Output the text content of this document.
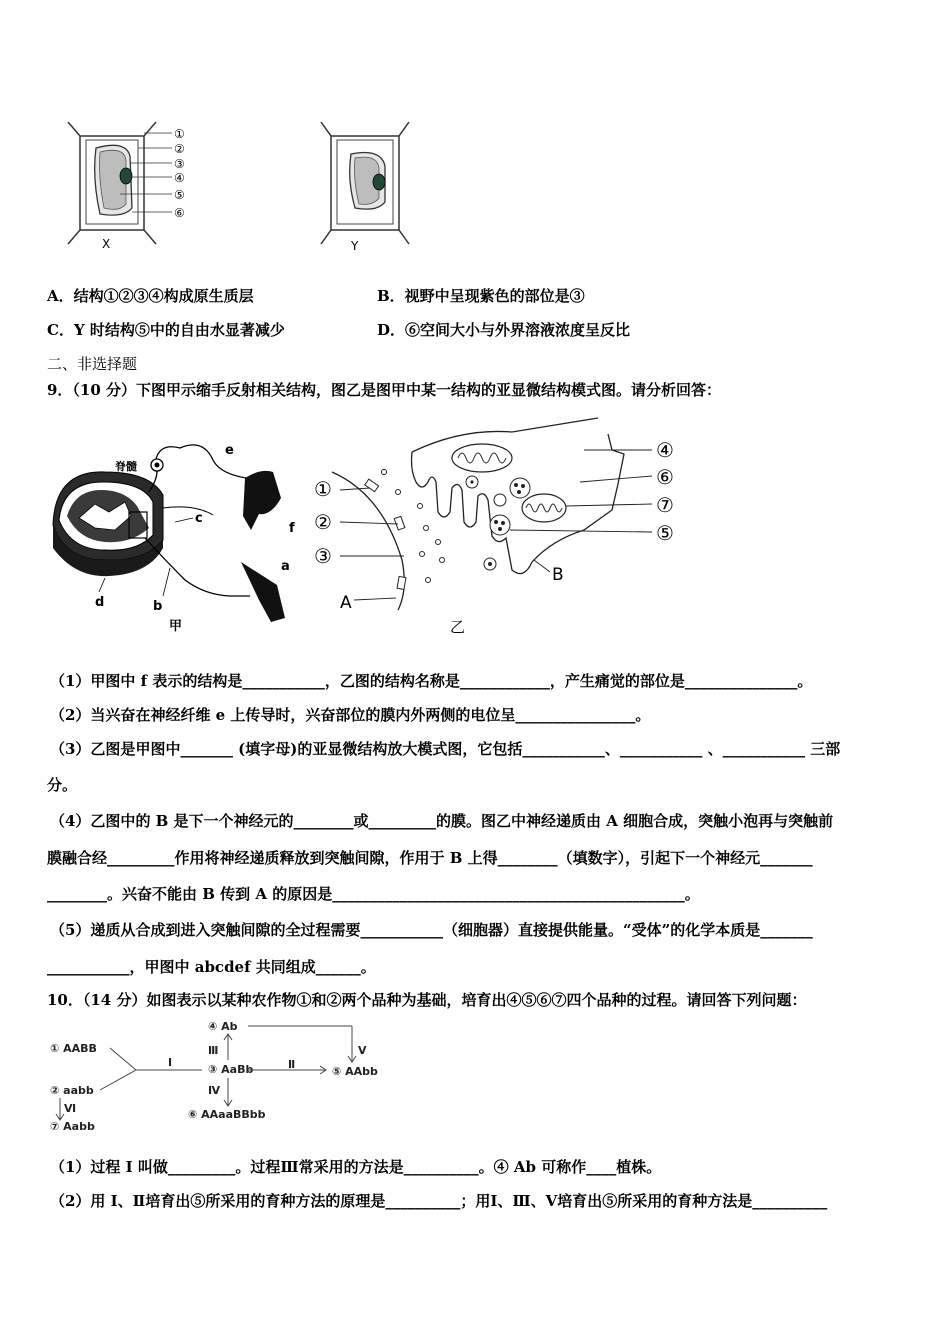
①
②
③
④
⑤
⑥
X	Y
A．结构①②③④构成原生质层	B．视野中呈现紫色的部位是③
C．Y 时结构⑤中的自由水显著减少	D．⑥空间大小与外界溶液浓度呈反比
二、非选择题
9．（10 分）下图甲示缩手反射相关结构，图乙是图甲中某一结构的亚显微结构模式图。请分析回答：
脊髓
e
c
f
a
d	b
甲
①
②
③
A
④
⑥
⑦
⑤
B
乙
（1）甲图中 f 表示的结构是___________，乙图的结构名称是____________，产生痛觉的部位是_______________。
（2）当兴奋在神经纤维 e 上传导时，兴奋部位的膜内外两侧的电位呈________________。
（3）乙图是甲图中_______ (填字母)的亚显微结构放大模式图，它包括___________、___________ 、___________ 三部
分。
（4）乙图中的 B 是下一个神经元的________或_________的膜。图乙中神经递质由 A 细胞合成，突触小泡再与突触前
膜融合经_________作用将神经递质释放到突触间隙，作用于 B 上得________（填数字），引起下一个神经元_______
________。兴奋不能由 B 传到 A 的原因是_______________________________________________。
（5）递质从合成到进入突触间隙的全过程需要___________（细胞器）直接提供能量。“受体”的化学本质是_______
___________，甲图中 abcdef 共同组成______。
10．（14 分）如图表示以某种农作物①和②两个品种为基础，培育出④⑤⑥⑦四个品种的过程。请回答下列问题：
① AABB
② aabb
③ AaBb
④ Ab
⑤ AAbb
⑥ AAaaBBbb
⑦ Aabb
I	Ⅱ
Ⅲ
Ⅳ
Ⅴ
Ⅵ
（1）过程 I 叫做_________。过程Ⅲ常采用的方法是__________。④ Ab 可称作____植株。
（2）用 I、Ⅱ培育出⑤所采用的育种方法的原理是__________；用Ⅰ、Ⅲ、Ⅴ培育出⑤所采用的育种方法是__________
